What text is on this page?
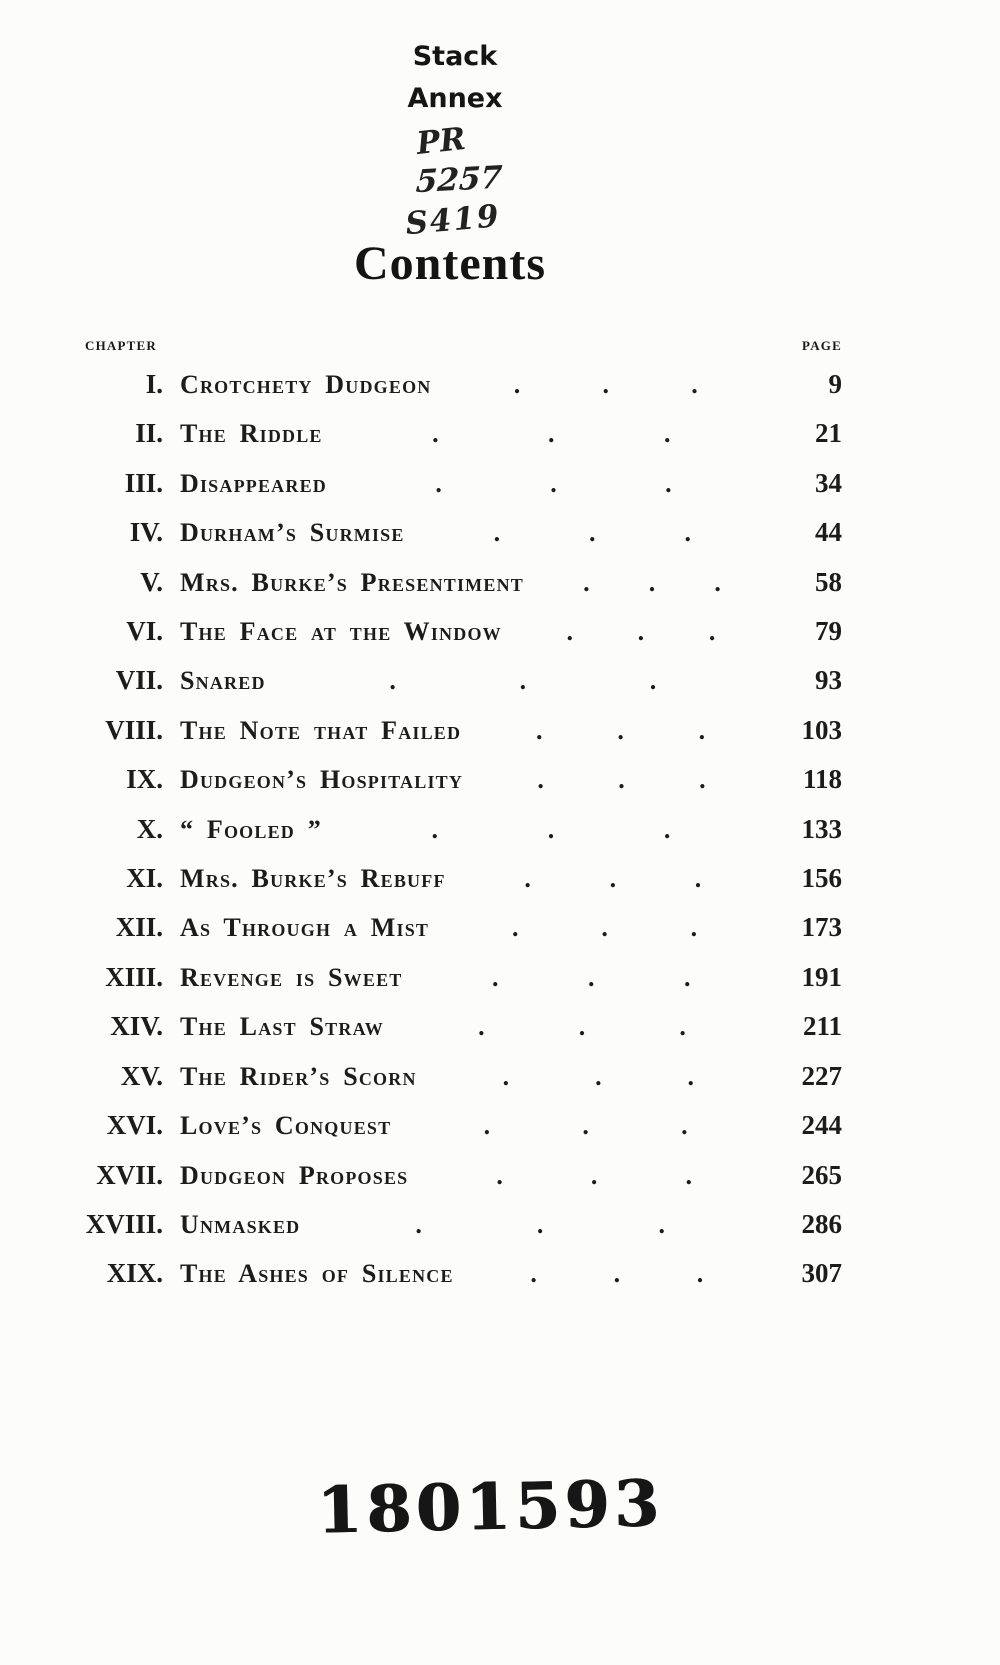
Stack
Annex
PR
5257
S419
Contents
CHAPTER	PAGE
I. Crotchety Dudgeon	.	.	.	9
II. The Riddle	.	.	.	21
III. Disappeared	.	.	.	34
IV. Durham’s Surmise	.	.	.	44
V. Mrs. Burke’s Presentiment . . .	58
VI. The Face at the Window . . .	79
VII. Snared	.	.	.	93
VIII. The Note that Failed	.	.	.	103
IX. Dudgeon’s Hospitality	.	.	.	118
X. “ Fooled ”	.	.	.	133
XI. Mrs. Burke’s Rebuff	.	.	.	156
XII. As Through a Mist	.	.	.	173
XIII. Revenge is Sweet	.	.	.	191
XIV. The Last Straw	.	.	.	211
XV. The Rider’s Scorn	.	.	.	227
XVI. Love’s Conquest	.	.	.	244
XVII. Dudgeon Proposes	.	.	.	265
XVIII. Unmasked	.	.	.	286
XIX. The Ashes of Silence	.	.	.	307
1801593
